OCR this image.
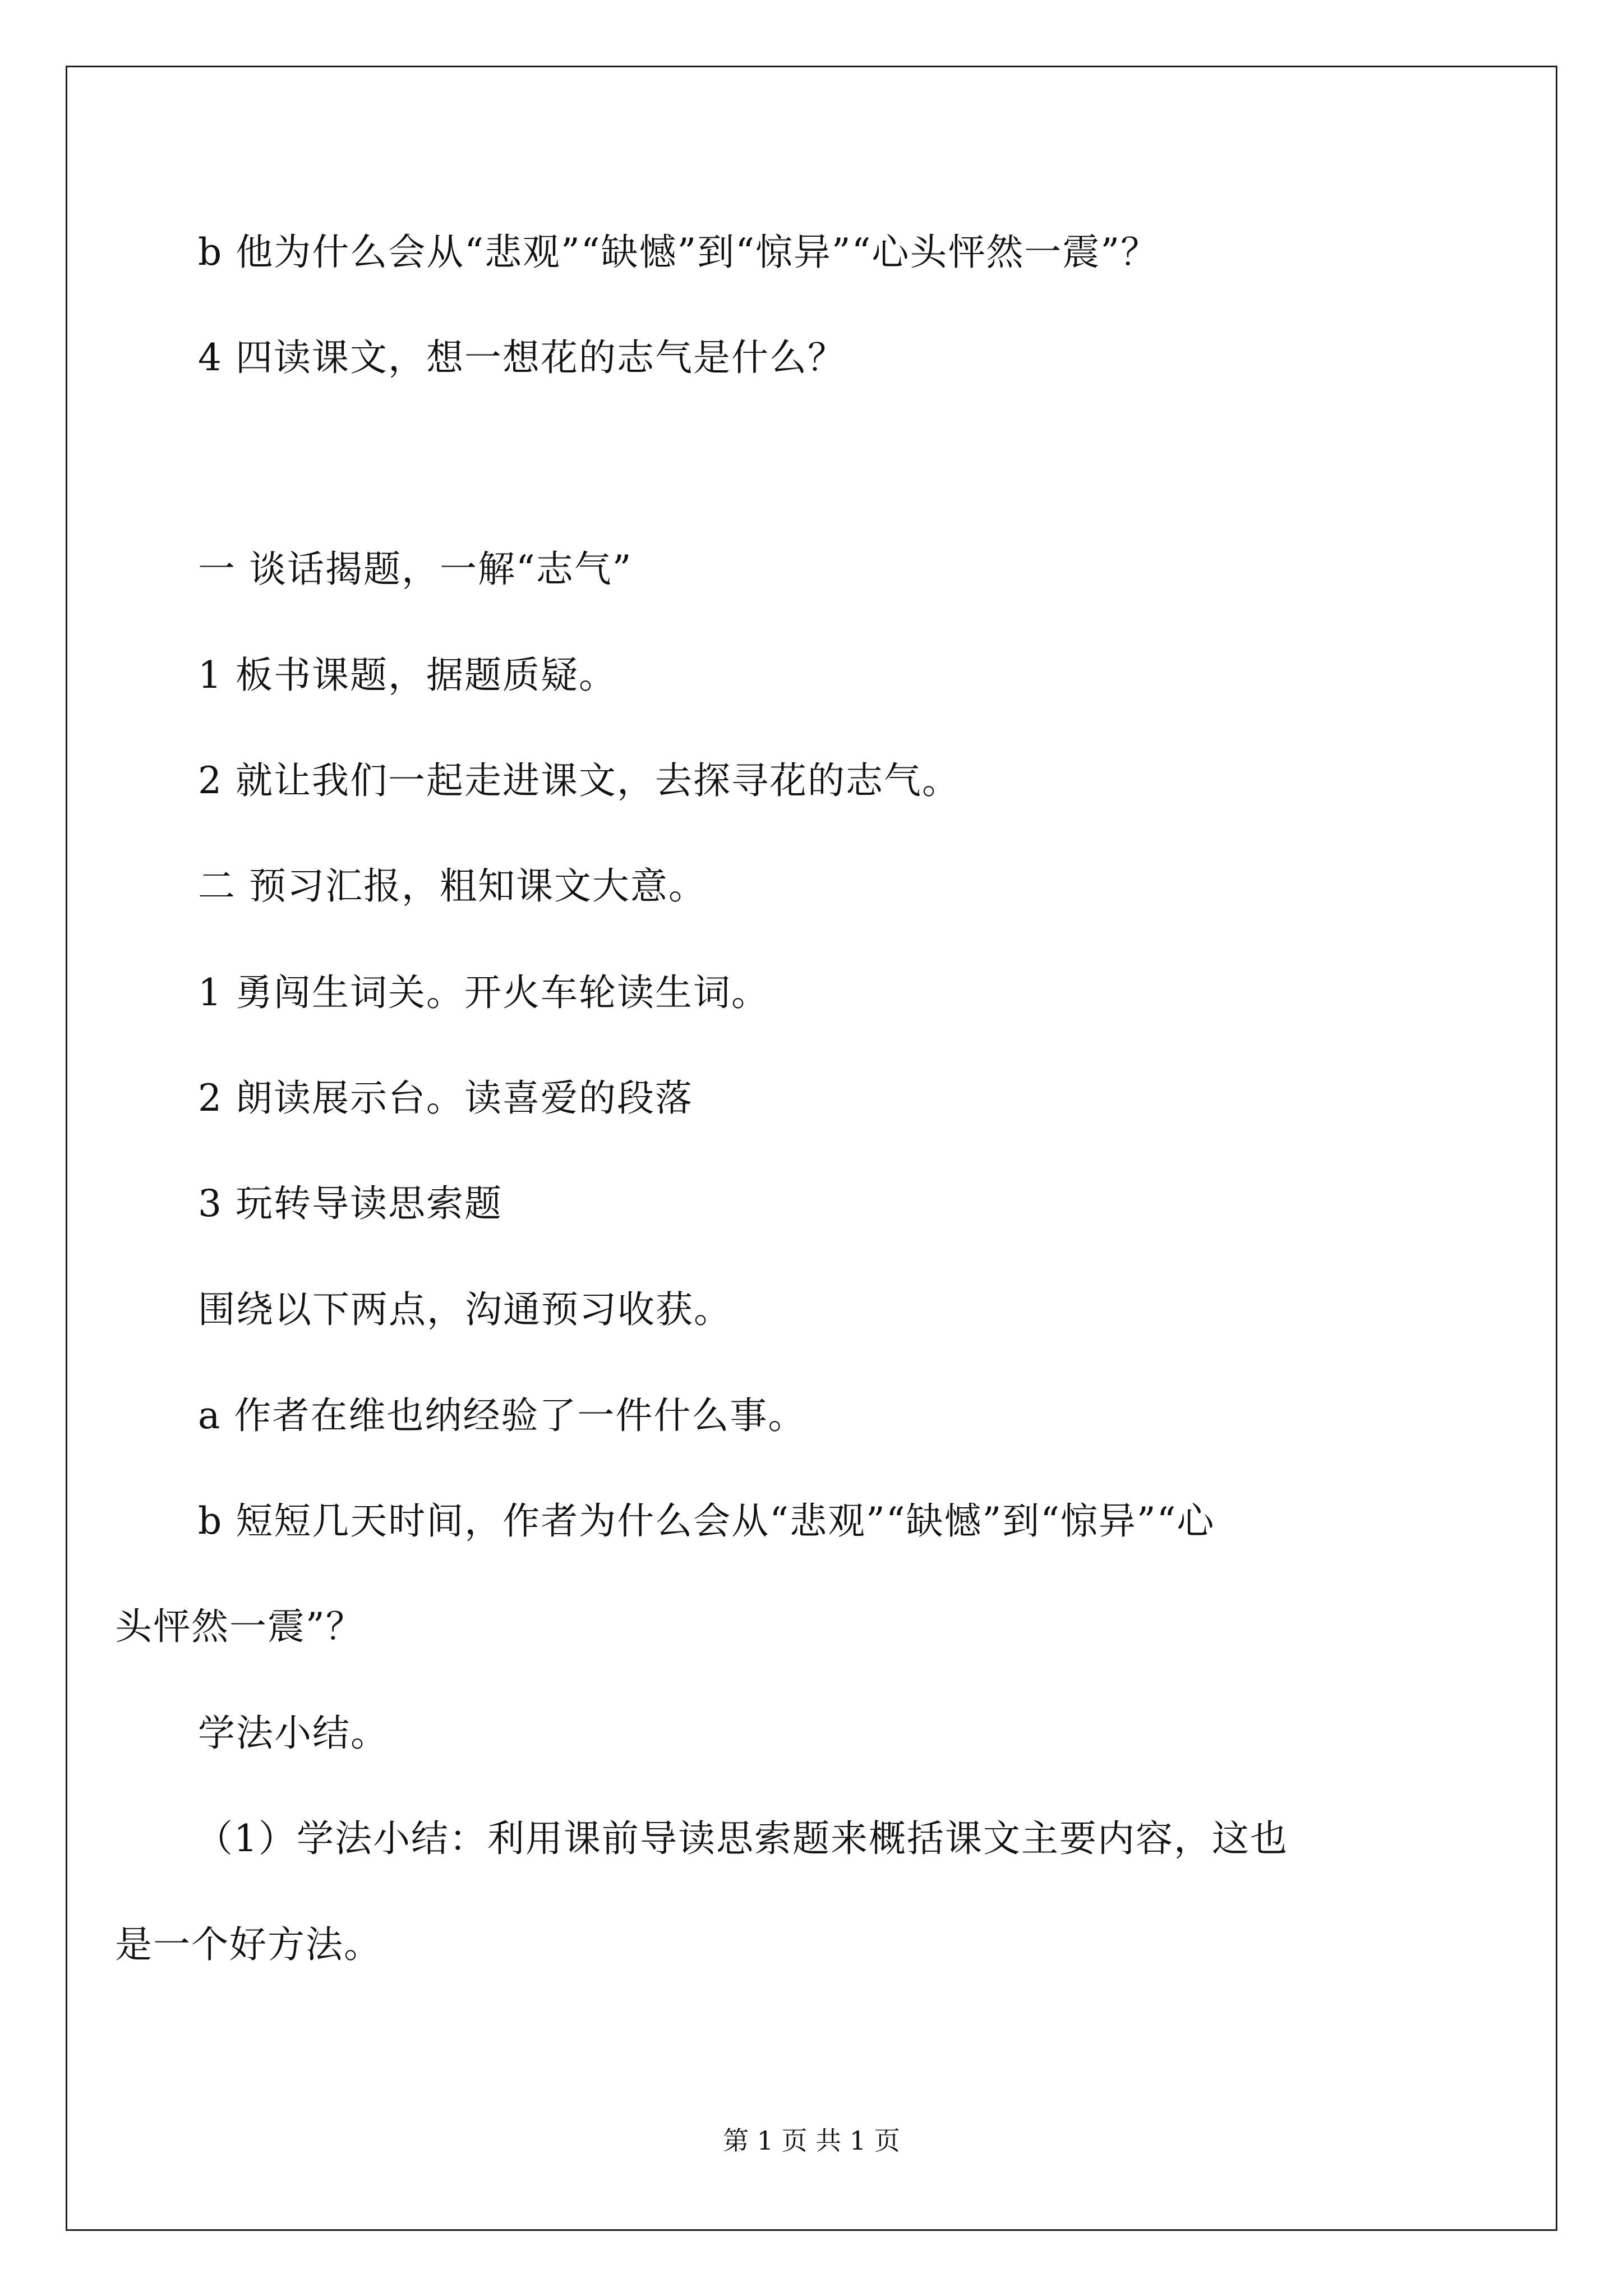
b 他为什么会从“悲观”“缺憾”到“惊异”“心头怦然一震”？
4 四读课文，想一想花的志气是什么？
一 谈话揭题，一解“志气”
1 板书课题，据题质疑。
2 就让我们一起走进课文，去探寻花的志气。
二 预习汇报，粗知课文大意。
1 勇闯生词关。开火车轮读生词。
2 朗读展示台。读喜爱的段落
3 玩转导读思索题
围绕以下两点，沟通预习收获。
a 作者在维也纳经验了一件什么事。
b 短短几天时间，作者为什么会从“悲观”“缺憾”到“惊异”“心
头怦然一震”？
学法小结。
（1）学法小结：利用课前导读思索题来概括课文主要内容，这也
是一个好方法。
第 1 页 共 1 页
